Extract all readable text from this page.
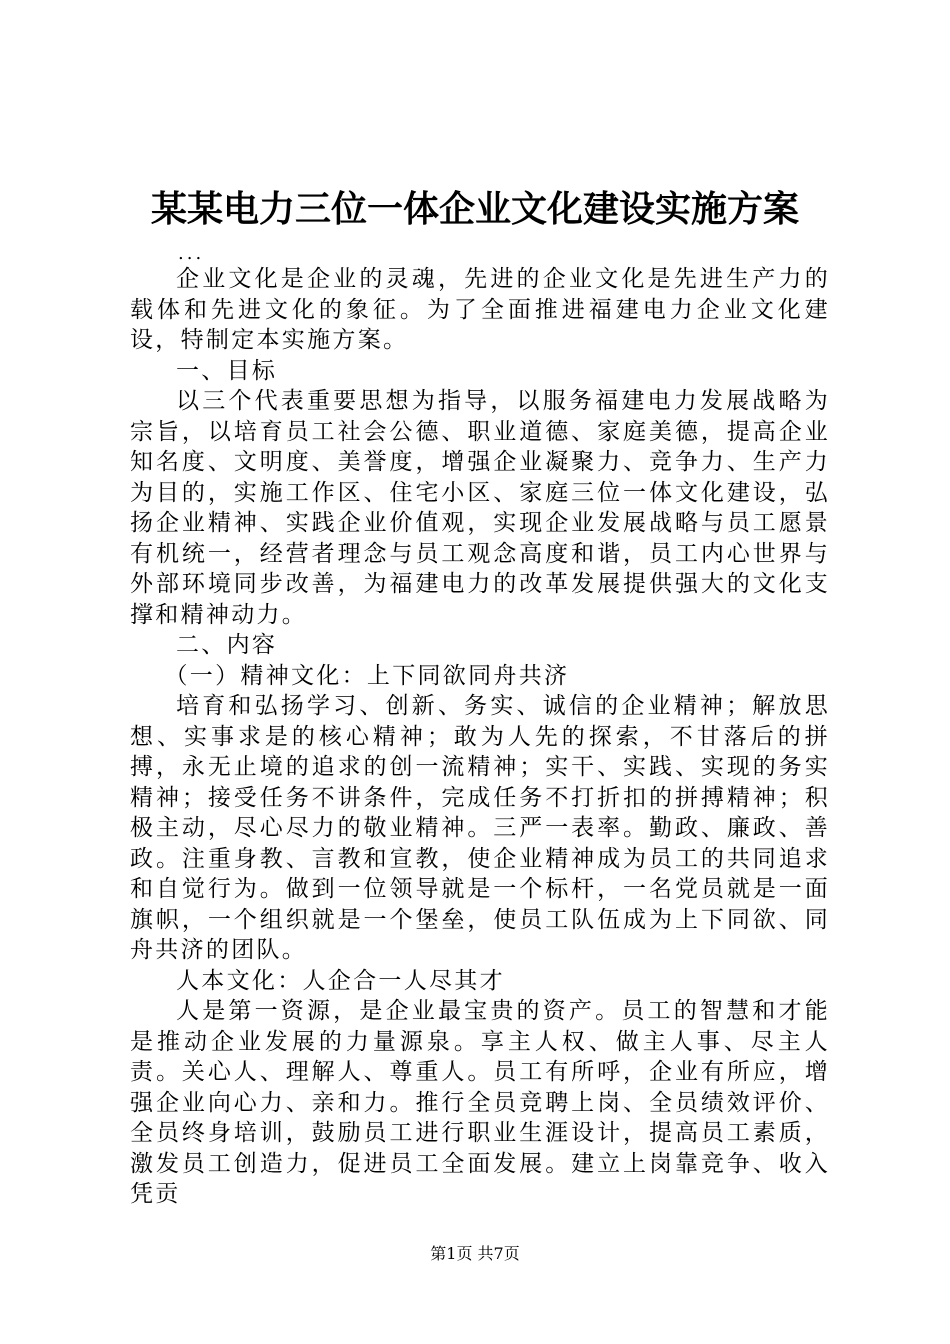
某某电力三位一体企业文化建设实施方案
...

企业文化是企业的灵魂，先进的企业文化是先进生产力的载体和先进文化的象征。为了全面推进福建电力企业文化建设，特制定本实施方案。

一、目标

以三个代表重要思想为指导，以服务福建电力发展战略为宗旨，以培育员工社会公德、职业道德、家庭美德，提高企业知名度、文明度、美誉度，增强企业凝聚力、竞争力、生产力为目的，实施工作区、住宅小区、家庭三位一体文化建设，弘扬企业精神、实践企业价值观，实现企业发展战略与员工愿景有机统一，经营者理念与员工观念高度和谐，员工内心世界与外部环境同步改善，为福建电力的改革发展提供强大的文化支撑和精神动力。

二、内容

（一）精神文化：上下同欲同舟共济

培育和弘扬学习、创新、务实、诚信的企业精神；解放思想、实事求是的核心精神；敢为人先的探索，不甘落后的拼搏，永无止境的追求的创一流精神；实干、实践、实现的务实精神；接受任务不讲条件，完成任务不打折扣的拼搏精神；积极主动，尽心尽力的敬业精神。三严一表率。勤政、廉政、善政。注重身教、言教和宣教，使企业精神成为员工的共同追求和自觉行为。做到一位领导就是一个标杆，一名党员就是一面旗帜，一个组织就是一个堡垒，使员工队伍成为上下同欲、同舟共济的团队。

人本文化：人企合一人尽其才

人是第一资源，是企业最宝贵的资产。员工的智慧和才能是推动企业发展的力量源泉。享主人权、做主人事、尽主人责。关心人、理解人、尊重人。员工有所呼，企业有所应，增强企业向心力、亲和力。推行全员竞聘上岗、全员绩效评价、全员终身培训，鼓励员工进行职业生涯设计，提高员工素质，激发员工创造力，促进员工全面发展。建立上岗靠竞争、收入凭贡

第1页 共7页
